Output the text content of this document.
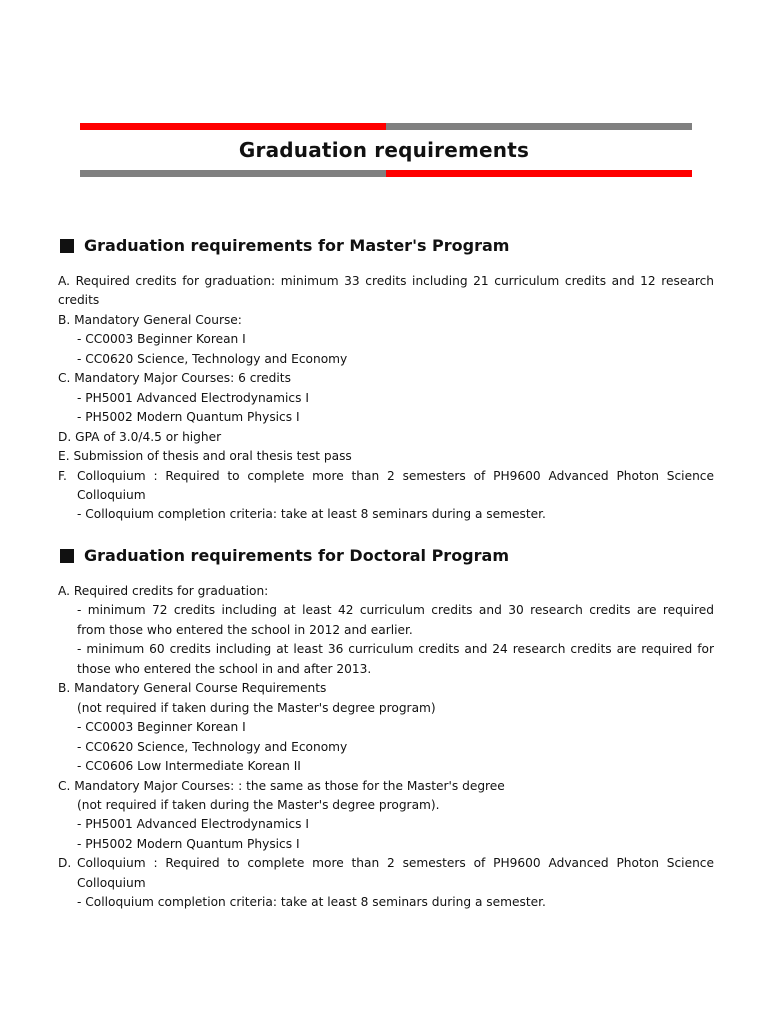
Graduation requirements
Graduation requirements for Master's Program
A. Required credits for graduation: minimum 33 credits including 21 curriculum credits and 12 research
credits
B. Mandatory General Course:
- CC0003 Beginner Korean I
- CC0620 Science, Technology and Economy
C. Mandatory Major Courses: 6 credits
- PH5001 Advanced Electrodynamics I
- PH5002 Modern Quantum Physics I
D. GPA of 3.0/4.5 or higher
E. Submission of thesis and oral thesis test pass
F. Colloquium : Required to complete more than 2 semesters of PH9600 Advanced Photon Science
Colloquium
- Colloquium completion criteria: take at least 8 seminars during a semester.
Graduation requirements for Doctoral Program
A. Required credits for graduation:
- minimum 72 credits including at least 42 curriculum credits and 30 research credits are required
from those who entered the school in 2012 and earlier.
- minimum 60 credits including at least 36 curriculum credits and 24 research credits are required for
those who entered the school in and after 2013.
B. Mandatory General Course Requirements
(not required if taken during the Master's degree program)
- CC0003 Beginner Korean I
- CC0620 Science, Technology and Economy
- CC0606 Low Intermediate Korean II
C. Mandatory Major Courses: : the same as those for the Master's degree
(not required if taken during the Master's degree program).
- PH5001 Advanced Electrodynamics I
- PH5002 Modern Quantum Physics I
D. Colloquium : Required to complete more than 2 semesters of PH9600 Advanced Photon Science
Colloquium
- Colloquium completion criteria: take at least 8 seminars during a semester.
